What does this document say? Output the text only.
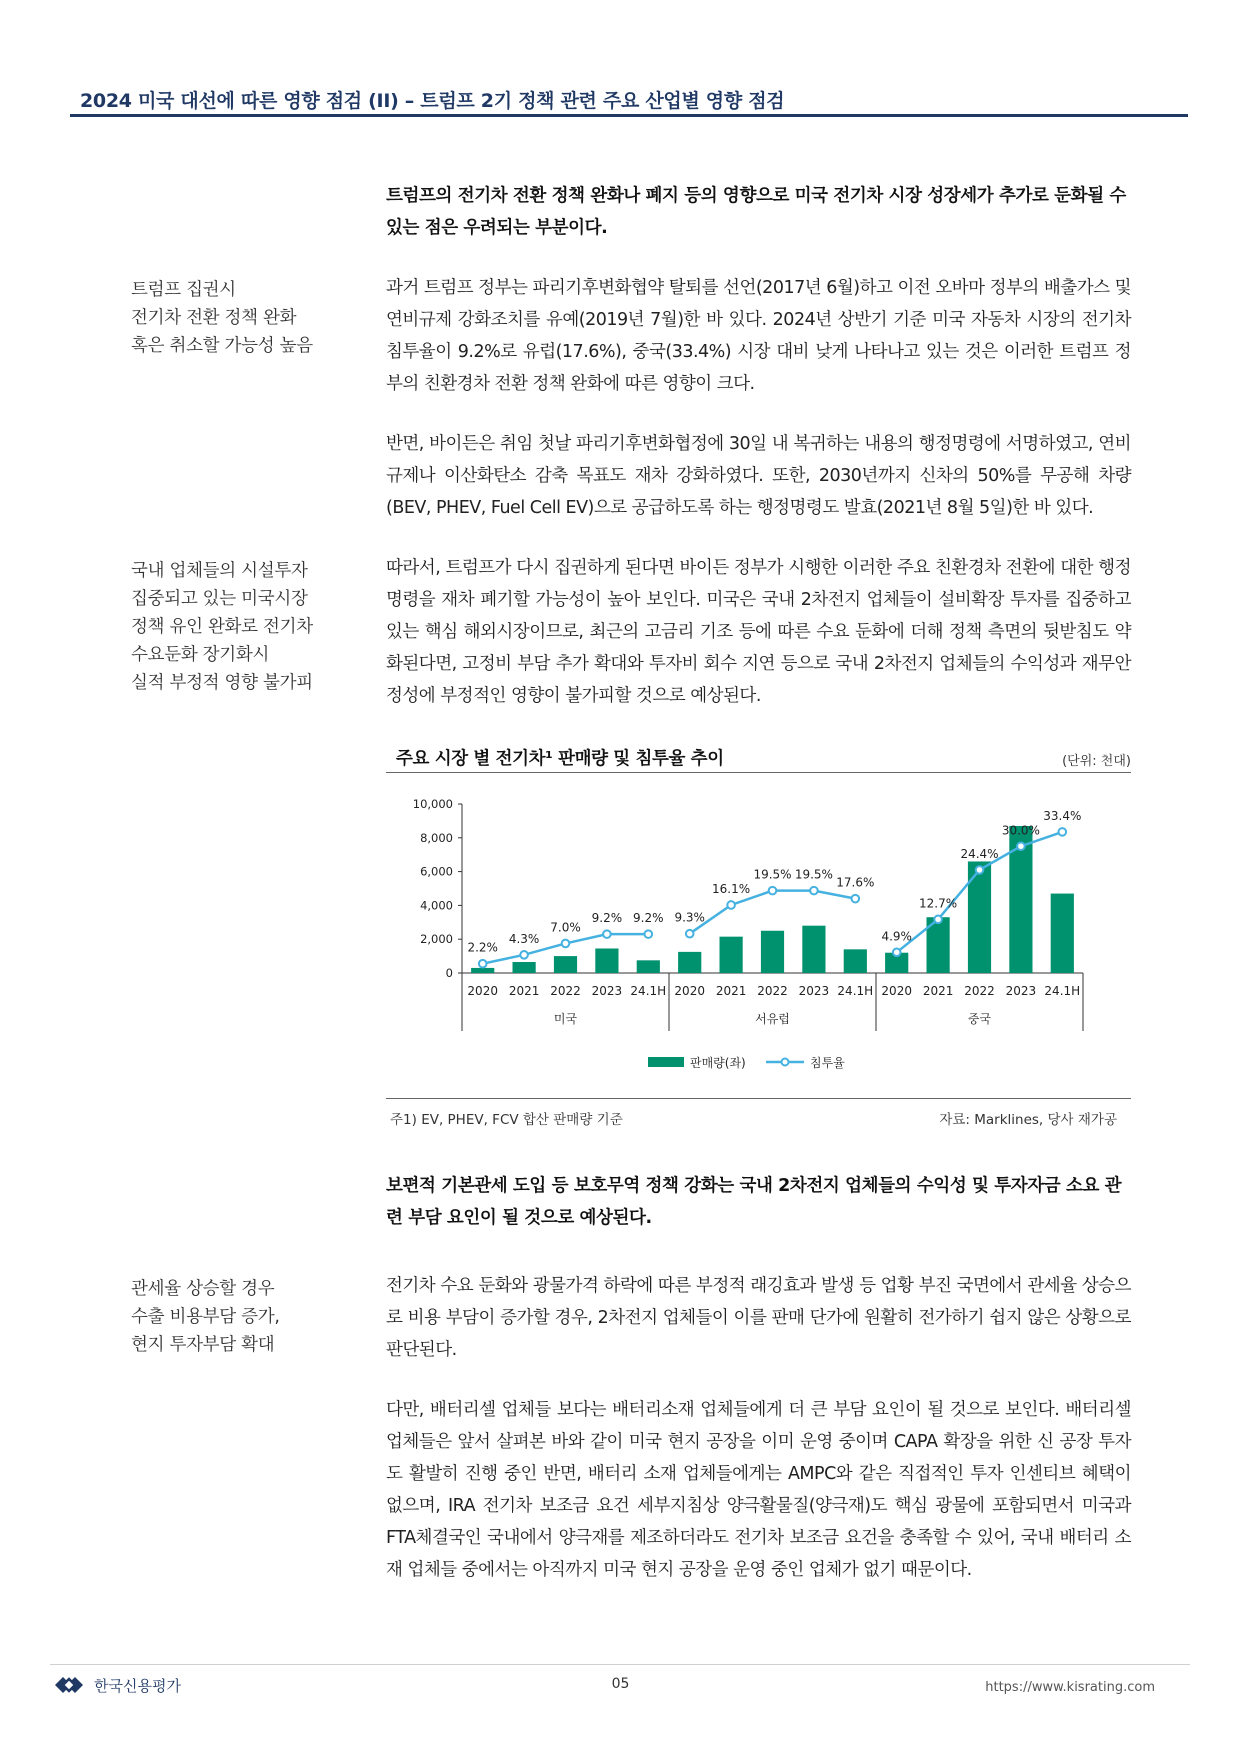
2024 미국 대선에 따른 영향 점검 (II) – 트럼프 2기 정책 관련 주요 산업별 영향 점검
트럼프의 전기차 전환 정책 완화나 폐지 등의 영향으로 미국 전기차 시장 성장세가 추가로 둔화될 수
있는 점은 우려되는 부분이다.
트럼프 집권시
전기차 전환 정책 완화
혹은 취소할 가능성 높음
과거 트럼프 정부는 파리기후변화협약 탈퇴를 선언(2017년 6월)하고 이전 오바마 정부의 배출가스 및 연비규제 강화조치를 유예(2019년 7월)한 바 있다. 2024년 상반기 기준 미국 자동차 시장의 전기차 침투율이 9.2%로 유럽(17.6%), 중국(33.4%) 시장 대비 낮게 나타나고 있는 것은 이러한 트럼프 정부의 친환경차 전환 정책 완화에 따른 영향이 크다.
반면, 바이든은 취임 첫날 파리기후변화협정에 30일 내 복귀하는 내용의 행정명령에 서명하였고, 연비규제나 이산화탄소 감축 목표도 재차 강화하였다. 또한, 2030년까지 신차의 50%를 무공해 차량(BEV, PHEV, Fuel Cell EV)으로 공급하도록 하는 행정명령도 발효(2021년 8월 5일)한 바 있다.
국내 업체들의 시설투자
집중되고 있는 미국시장
정책 유인 완화로 전기차
수요둔화 장기화시
실적 부정적 영향 불가피
따라서, 트럼프가 다시 집권하게 된다면 바이든 정부가 시행한 이러한 주요 친환경차 전환에 대한 행정명령을 재차 폐기할 가능성이 높아 보인다. 미국은 국내 2차전지 업체들이 설비확장 투자를 집중하고 있는 핵심 해외시장이므로, 최근의 고금리 기조 등에 따른 수요 둔화에 더해 정책 측면의 뒷받침도 약화된다면, 고정비 부담 추가 확대와 투자비 회수 지연 등으로 국내 2차전지 업체들의 수익성과 재무안정성에 부정적인 영향이 불가피할 것으로 예상된다.
주요 시장 별 전기차¹ 판매량 및 침투율 추이	(단위: 천대)
0
2,000
4,000
6,000
8,000
10,000
2020 2021 2022 2023 24.1H 2020 2021 2022 2023 24.1H 2020 2021 2022 2023 24.1H
미국	서유럽	중국
2.2%
4.3%
7.0%
9.2% 9.2% 9.3%
16.1%
19.5% 19.5%
17.6%
4.9%
12.7%
24.4%
30.0%
33.4%
판매량(좌)	침투율
주1) EV, PHEV, FCV 합산 판매량 기준	자료: Marklines, 당사 재가공
보편적 기본관세 도입 등 보호무역 정책 강화는 국내 2차전지 업체들의 수익성 및 투자자금 소요 관
련 부담 요인이 될 것으로 예상된다.
관세율 상승할 경우
수출 비용부담 증가,
현지 투자부담 확대
전기차 수요 둔화와 광물가격 하락에 따른 부정적 래깅효과 발생 등 업황 부진 국면에서 관세율 상승으로 비용 부담이 증가할 경우, 2차전지 업체들이 이를 판매 단가에 원활히 전가하기 쉽지 않은 상황으로 판단된다.
다만, 배터리셀 업체들 보다는 배터리소재 업체들에게 더 큰 부담 요인이 될 것으로 보인다. 배터리셀 업체들은 앞서 살펴본 바와 같이 미국 현지 공장을 이미 운영 중이며 CAPA 확장을 위한 신 공장 투자도 활발히 진행 중인 반면, 배터리 소재 업체들에게는 AMPC와 같은 직접적인 투자 인센티브 혜택이 없으며, IRA 전기차 보조금 요건 세부지침상 양극활물질(양극재)도 핵심 광물에 포함되면서 미국과 FTA체결국인 국내에서 양극재를 제조하더라도 전기차 보조금 요건을 충족할 수 있어, 국내 배터리 소재 업체들 중에서는 아직까지 미국 현지 공장을 운영 중인 업체가 없기 때문이다.
한국신용평가	05	https://www.kisrating.com
